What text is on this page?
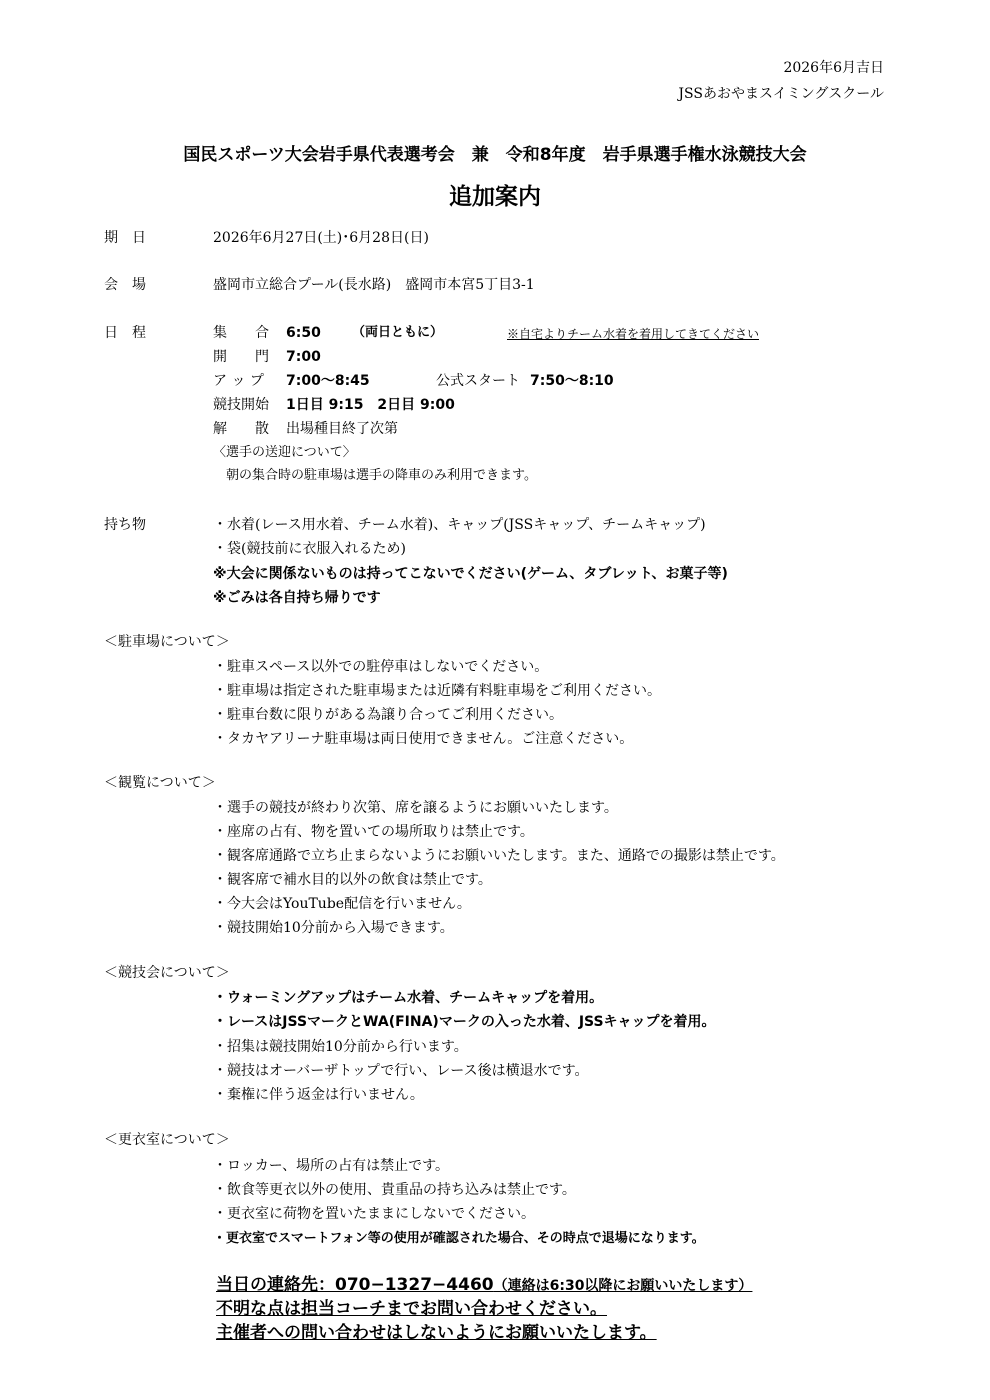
2026年6月吉日
JSSあおやまスイミングスクール
国民スポーツ大会岩手県代表選考会　兼　令和8年度　岩手県選手権水泳競技大会
追加案内
期　日	2026年6月27日(土)･6月28日(日)
会　場	盛岡市立総合プール(長水路)　盛岡市本宮5丁目3-1
日　程	集　　合 6:50 （両日ともに）	※自宅よりチーム水着を着用してきてください
開　　門 7:00
ア ッ プ 7:00〜8:45	公式スタート 7:50〜8:10
競技開始 1日目 9:15　2日目 9:00
解　　散 出場種目終了次第
〈選手の送迎について〉
朝の集合時の駐車場は選手の降車のみ利用できます。
持ち物	・水着(レース用水着、チーム水着)、キャップ(JSSキャップ、チームキャップ)
・袋(競技前に衣服入れるため)
※大会に関係ないものは持ってこないでください(ゲーム、タブレット、お菓子等)
※ごみは各自持ち帰りです
＜駐車場について＞
・駐車スペース以外での駐停車はしないでください。
・駐車場は指定された駐車場または近隣有料駐車場をご利用ください。
・駐車台数に限りがある為譲り合ってご利用ください。
・タカヤアリーナ駐車場は両日使用できません。ご注意ください。
＜観覧について＞
・選手の競技が終わり次第、席を譲るようにお願いいたします。
・座席の占有、物を置いての場所取りは禁止です。
・観客席通路で立ち止まらないようにお願いいたします。また、通路での撮影は禁止です。
・観客席で補水目的以外の飲食は禁止です。
・今大会はYouTube配信を行いません。
・競技開始10分前から入場できます。
＜競技会について＞
・ウォーミングアップはチーム水着、チームキャップを着用。
・レースはJSSマークとWA(FINA)マークの入った水着、JSSキャップを着用。
・招集は競技開始10分前から行います。
・競技はオーバーザトップで行い、レース後は横退水です。
・棄権に伴う返金は行いません。
＜更衣室について＞
・ロッカー、場所の占有は禁止です。
・飲食等更衣以外の使用、貴重品の持ち込みは禁止です。
・更衣室に荷物を置いたままにしないでください。
・更衣室でスマートフォン等の使用が確認された場合、その時点で退場になります。
当日の連絡先：070−1327−4460（連絡は6:30以降にお願いいたします）
不明な点は担当コーチまでお問い合わせください。
主催者への問い合わせはしないようにお願いいたします。
